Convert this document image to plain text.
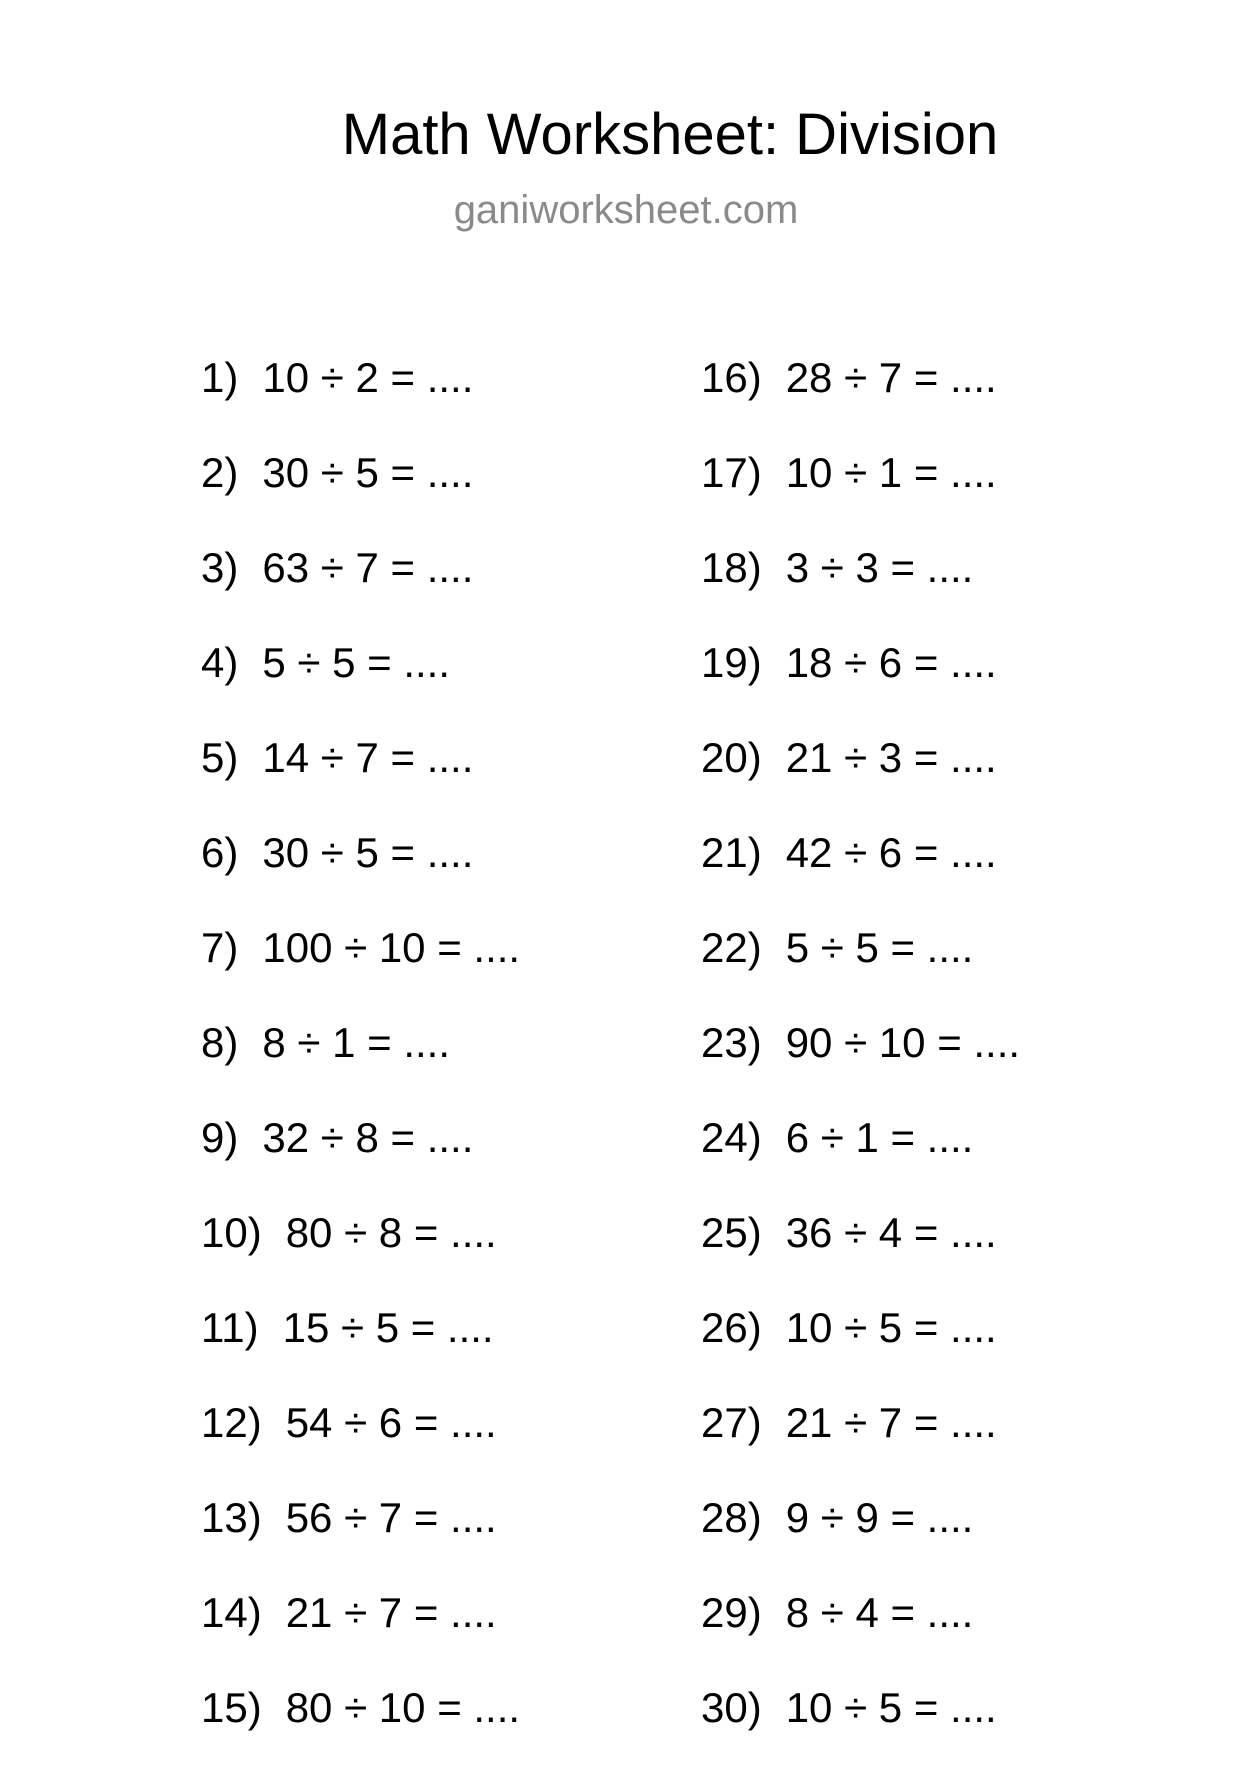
Math Worksheet: Division
ganiworksheet.com
1) 10 ÷ 2 = ....
2) 30 ÷ 5 = ....
3) 63 ÷ 7 = ....
4) 5 ÷ 5 = ....
5) 14 ÷ 7 = ....
6) 30 ÷ 5 = ....
7) 100 ÷ 10 = ....
8) 8 ÷ 1 = ....
9) 32 ÷ 8 = ....
10) 80 ÷ 8 = ....
11) 15 ÷ 5 = ....
12) 54 ÷ 6 = ....
13) 56 ÷ 7 = ....
14) 21 ÷ 7 = ....
15) 80 ÷ 10 = ....
16) 28 ÷ 7 = ....
17) 10 ÷ 1 = ....
18) 3 ÷ 3 = ....
19) 18 ÷ 6 = ....
20) 21 ÷ 3 = ....
21) 42 ÷ 6 = ....
22) 5 ÷ 5 = ....
23) 90 ÷ 10 = ....
24) 6 ÷ 1 = ....
25) 36 ÷ 4 = ....
26) 10 ÷ 5 = ....
27) 21 ÷ 7 = ....
28) 9 ÷ 9 = ....
29) 8 ÷ 4 = ....
30) 10 ÷ 5 = ....
